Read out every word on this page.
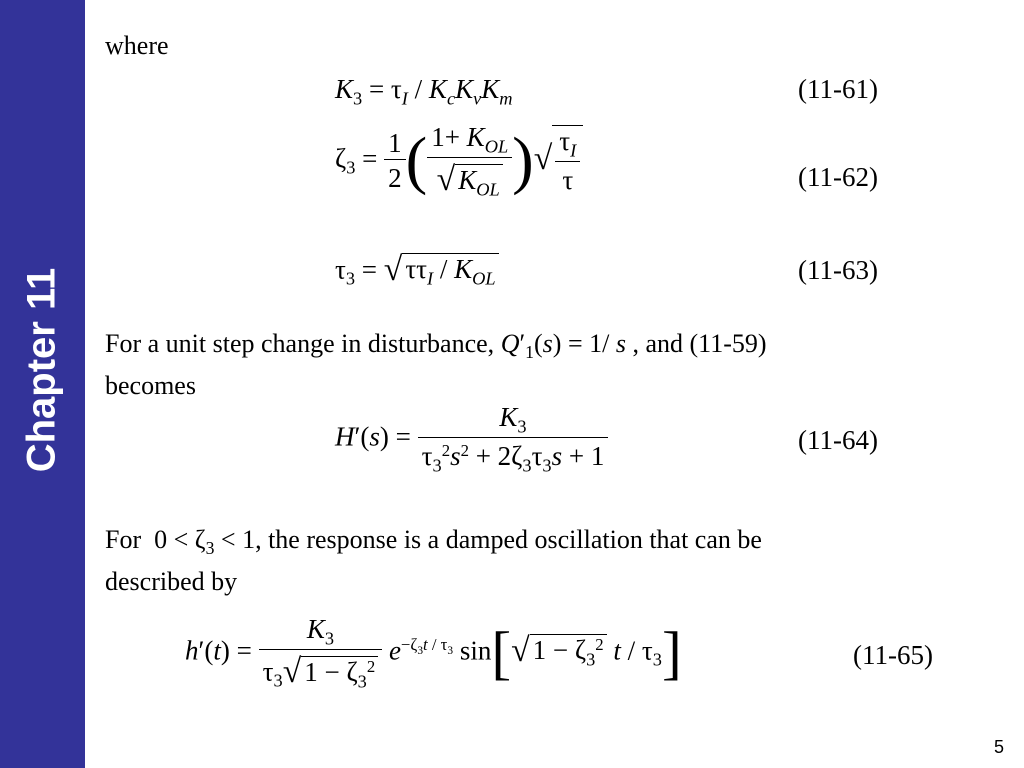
Chapter 11
where
$K_3 = \tau_I / K_cK_vK_m$	(11-61)
$\zeta_3 = \frac{1}{2}$ ( $\frac{1+ K_{OL}}{√ K_{OL}}$ )√ $\frac{\tau_I}{\tau}$	(11-62)
$\tau_3$ = √ $\tau\tau_I / K_{OL}$	(11-63)
For a unit step change in disturbance, $Q'_1(s) = 1/$ s , and (11-59)
becomes
$H'(s) = \frac{K_3}{\tau_3^2s^2 + 2\zeta_3\tau_3s + 1}$	(11-64)
For $0 < \zeta_3 < 1$, the response is a damped oscillation that can be
described by
$h'(t) = \frac{K_3}{\tau_3√ 1 - \zeta_3^2} e^{-\zeta_3t / \tau_3}$ sin[√ $1 - \zeta_3^2$ t / $\tau_3$]	(11-65)
5
